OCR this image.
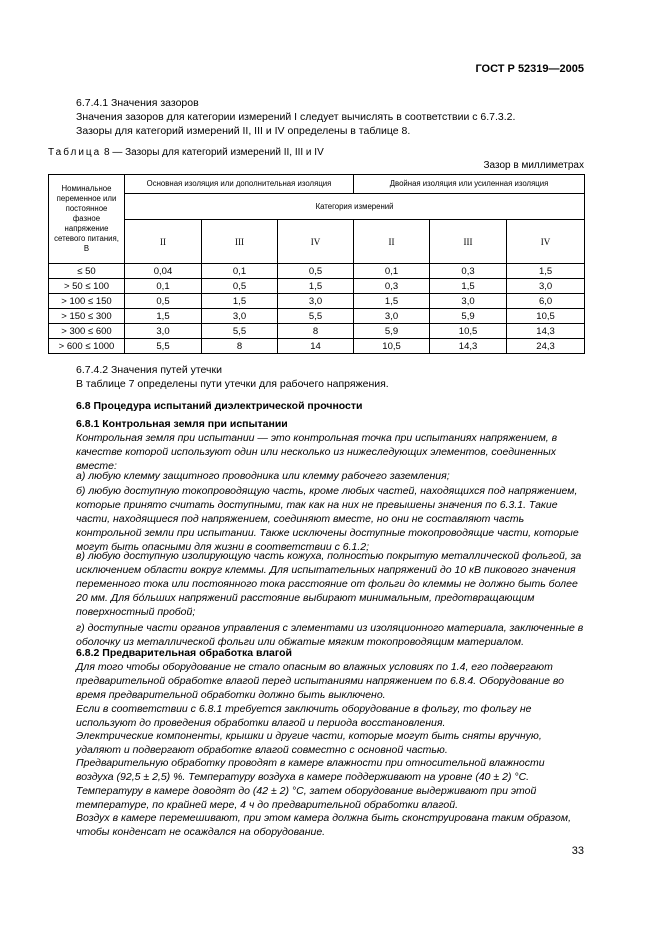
ГОСТ Р 52319—2005
6.7.4.1 Значения зазоров
Значения зазоров для категории измерений I следует вычислять в соответствии с 6.7.3.2.
Зазоры для категорий измерений II, III и IV определены в таблице 8.
Таблица 8 — Зазоры для категорий измерений II, III и IV
Зазор в миллиметрах
Номинальное переменное или постоянное фазное напряжение сетевого питания, В	Основная изоляция или дополнительная изоляция			Двойная изоляция или усиленная изоляция		
	Категория измерений					
	II	III	IV	II	III	IV
≤ 50	0,04	0,1	0,5	0,1	0,3	1,5
> 50 ≤ 100	0,1	0,5	1,5	0,3	1,5	3,0
> 100 ≤ 150	0,5	1,5	3,0	1,5	3,0	6,0
> 150 ≤ 300	1,5	3,0	5,5	3,0	5,9	10,5
> 300 ≤ 600	3,0	5,5	8	5,9	10,5	14,3
> 600 ≤ 1000	5,5	8	14	10,5	14,3	24,3
6.7.4.2 Значения путей утечки
В таблице 7 определены пути утечки для рабочего напряжения.
6.8 Процедура испытаний диэлектрической прочности
6.8.1 Контрольная земля при испытании
Контрольная земля при испытании — это контрольная точка при испытаниях напряжением, в качестве которой используют один или несколько из нижеследующих элементов, соединенных вместе:
а) любую клемму защитного проводника или клемму рабочего заземления;
б) любую доступную токопроводящую часть, кроме любых частей, находящихся под напряжением, которые принято считать доступными, так как на них не превышены значения по 6.3.1. Такие части, находящиеся под напряжением, соединяют вместе, но они не составляют часть контрольной земли при испытании. Также исключены доступные токопроводящие части, которые могут быть опасными для жизни в соответствии с 6.1.2;
в) любую доступную изолирующую часть кожуха, полностью покрытую металлической фольгой, за исключением области вокруг клеммы. Для испытательных напряжений до 10 кВ пикового значения переменного тока или постоянного тока расстояние от фольги до клеммы не должно быть более 20 мм. Для бо́льших напряжений расстояние выбирают минимальным, предотвращающим поверхностный пробой;
г) доступные части органов управления с элементами из изоляционного материала, заключенные в оболочку из металлической фольги или обжатые мягким токопроводящим материалом.
6.8.2 Предварительная обработка влагой
Для того чтобы оборудование не стало опасным во влажных условиях по 1.4, его подвергают предварительной обработке влагой перед испытаниями напряжением по 6.8.4. Оборудование во время предварительной обработки должно быть выключено.
Если в соответствии с 6.8.1 требуется заключить оборудование в фольгу, то фольгу не используют до проведения обработки влагой и периода восстановления.
Электрические компоненты, крышки и другие части, которые могут быть сняты вручную, удаляют и подвергают обработке влагой совместно с основной частью.
Предварительную обработку проводят в камере влажности при относительной влажности воздуха (92,5 ± 2,5) %. Температуру воздуха в камере поддерживают на уровне (40 ± 2) °С.
Температуру в камере доводят до (42 ± 2) °С, затем оборудование выдерживают при этой температуре, по крайней мере, 4 ч до предварительной обработки влагой.
Воздух в камере перемешивают, при этом камера должна быть сконструирована таким образом, чтобы конденсат не осаждался на оборудование.
33
